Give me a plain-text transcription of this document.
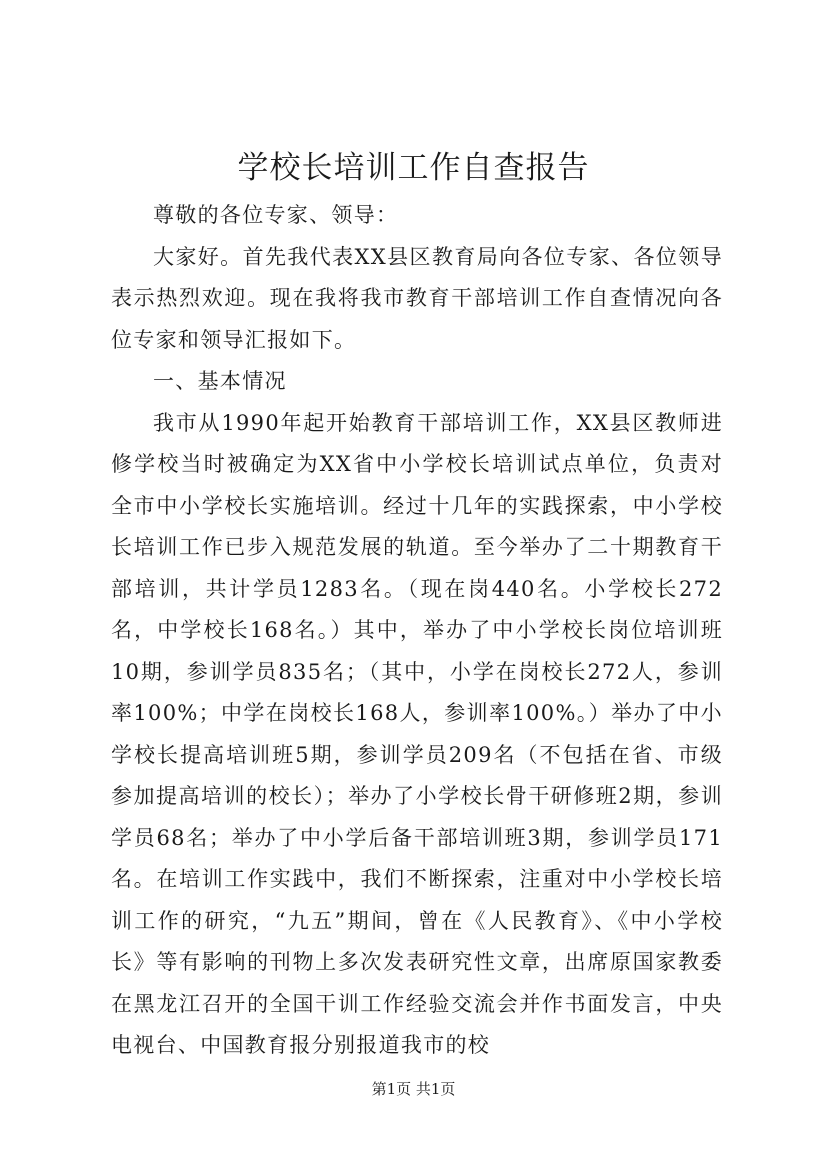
学校长培训工作自查报告

尊敬的各位专家、领导：

大家好。首先我代表XX县区教育局向各位专家、各位领导表示热烈欢迎。现在我将我市教育干部培训工作自查情况向各位专家和领导汇报如下。

一、基本情况

我市从1990年起开始教育干部培训工作，XX县区教师进修学校当时被确定为XX省中小学校长培训试点单位，负责对全市中小学校长实施培训。经过十几年的实践探索，中小学校长培训工作已步入规范发展的轨道。至今举办了二十期教育干部培训，共计学员1283名。（现在岗440名。小学校长272名，中学校长168名。）其中，举办了中小学校长岗位培训班10期，参训学员835名；（其中，小学在岗校长272人，参训率100%；中学在岗校长168人，参训率100%。）举办了中小学校长提高培训班5期，参训学员209名（不包括在省、市级参加提高培训的校长）；举办了小学校长骨干研修班2期，参训学员68名；举办了中小学后备干部培训班3期，参训学员171名。在培训工作实践中，我们不断探索，注重对中小学校长培训工作的研究，“九五”期间，曾在《人民教育》、《中小学校长》等有影响的刊物上多次发表研究性文章，出席原国家教委在黑龙江召开的全国干训工作经验交流会并作书面发言，中央电视台、中国教育报分别报道我市的校

第1页 共1页
